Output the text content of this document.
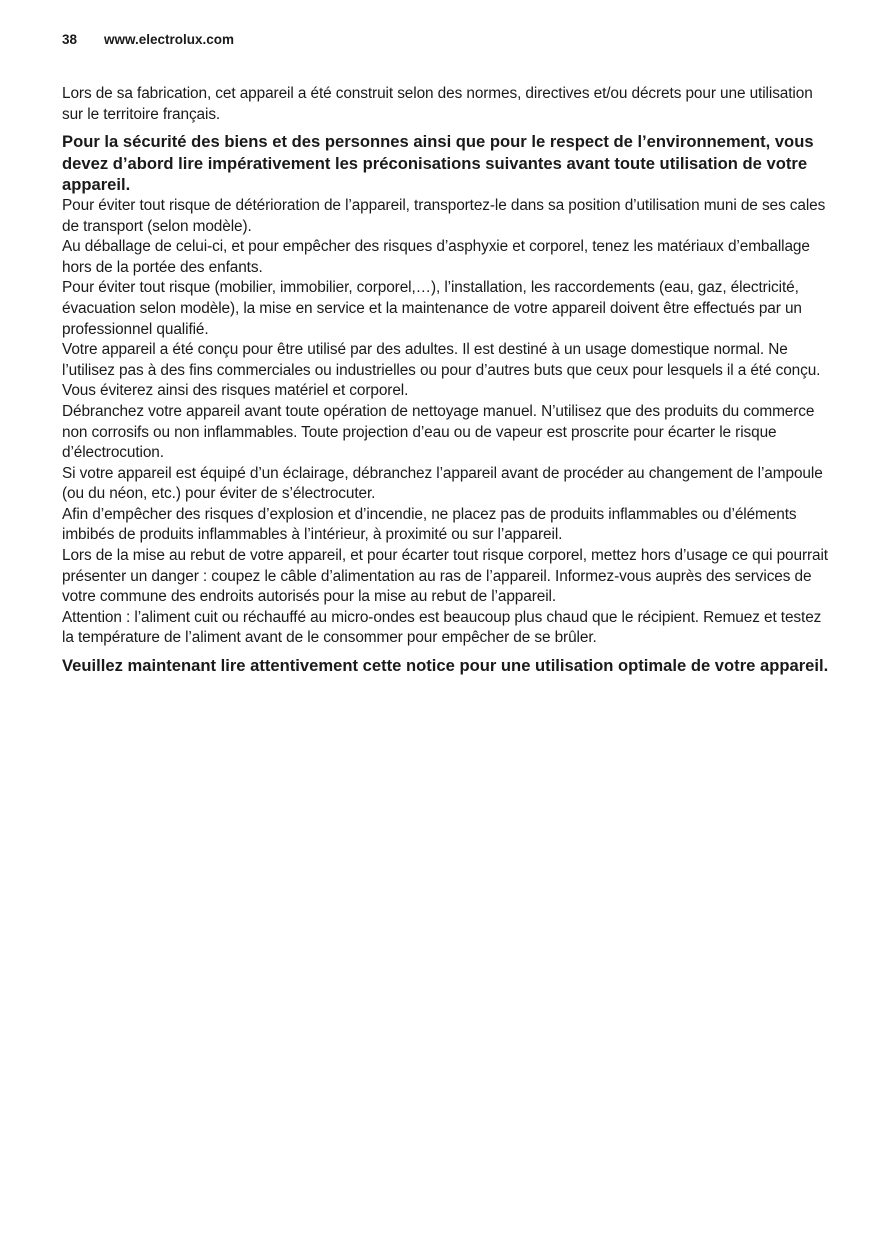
38 www.electrolux.com

Lors de sa fabrication, cet appareil a été construit selon des normes, directives et/ou décrets pour une utilisation sur le territoire français.

Pour la sécurité des biens et des personnes ainsi que pour le respect de l’environnement, vous devez d’abord lire impérativement les préconisations suivantes avant toute utilisation de votre appareil.

Pour éviter tout risque de détérioration de l’appareil, transportez-le dans sa position d’utilisation muni de ses cales de transport (selon modèle).

Au déballage de celui-ci, et pour empêcher des risques d’asphyxie et corporel, tenez les matériaux d’emballage hors de la portée des enfants.

Pour éviter tout risque (mobilier, immobilier, corporel,…), l’installation, les raccordements (eau, gaz, électricité, évacuation selon modèle), la mise en service et la maintenance de votre appareil doivent être effectués par un professionnel qualifié.

Votre appareil a été conçu pour être utilisé par des adultes. Il est destiné à un usage domestique normal. Ne l’utilisez pas à des fins commerciales ou industrielles ou pour d’autres buts que ceux pour lesquels il a été conçu. Vous éviterez ainsi des risques matériel et corporel.

Débranchez votre appareil avant toute opération de nettoyage manuel. N’utilisez que des produits du commerce non corrosifs ou non inflammables. Toute projection d’eau ou de vapeur est proscrite pour écarter le risque d’électrocution.

Si votre appareil est équipé d’un éclairage, débranchez l’appareil avant de procéder au changement de l’ampoule (ou du néon, etc.) pour éviter de s’électrocuter.

Afin d’empêcher des risques d’explosion et d’incendie, ne placez pas de produits inflammables ou d’éléments imbibés de produits inflammables à l’intérieur, à proximité ou sur l’appareil.

Lors de la mise au rebut de votre appareil, et pour écarter tout risque corporel, mettez hors d’usage ce qui pourrait présenter un danger : coupez le câble d’alimentation au ras de l’appareil. Informez-vous auprès des services de votre commune des endroits autorisés pour la mise au rebut de l’appareil.

Attention : l’aliment cuit ou réchauffé au micro-ondes est beaucoup plus chaud que le récipient. Remuez et testez la température de l’aliment avant de le consommer pour empêcher de se brûler.

Veuillez maintenant lire attentivement cette notice pour une utilisation optimale de votre appareil.
